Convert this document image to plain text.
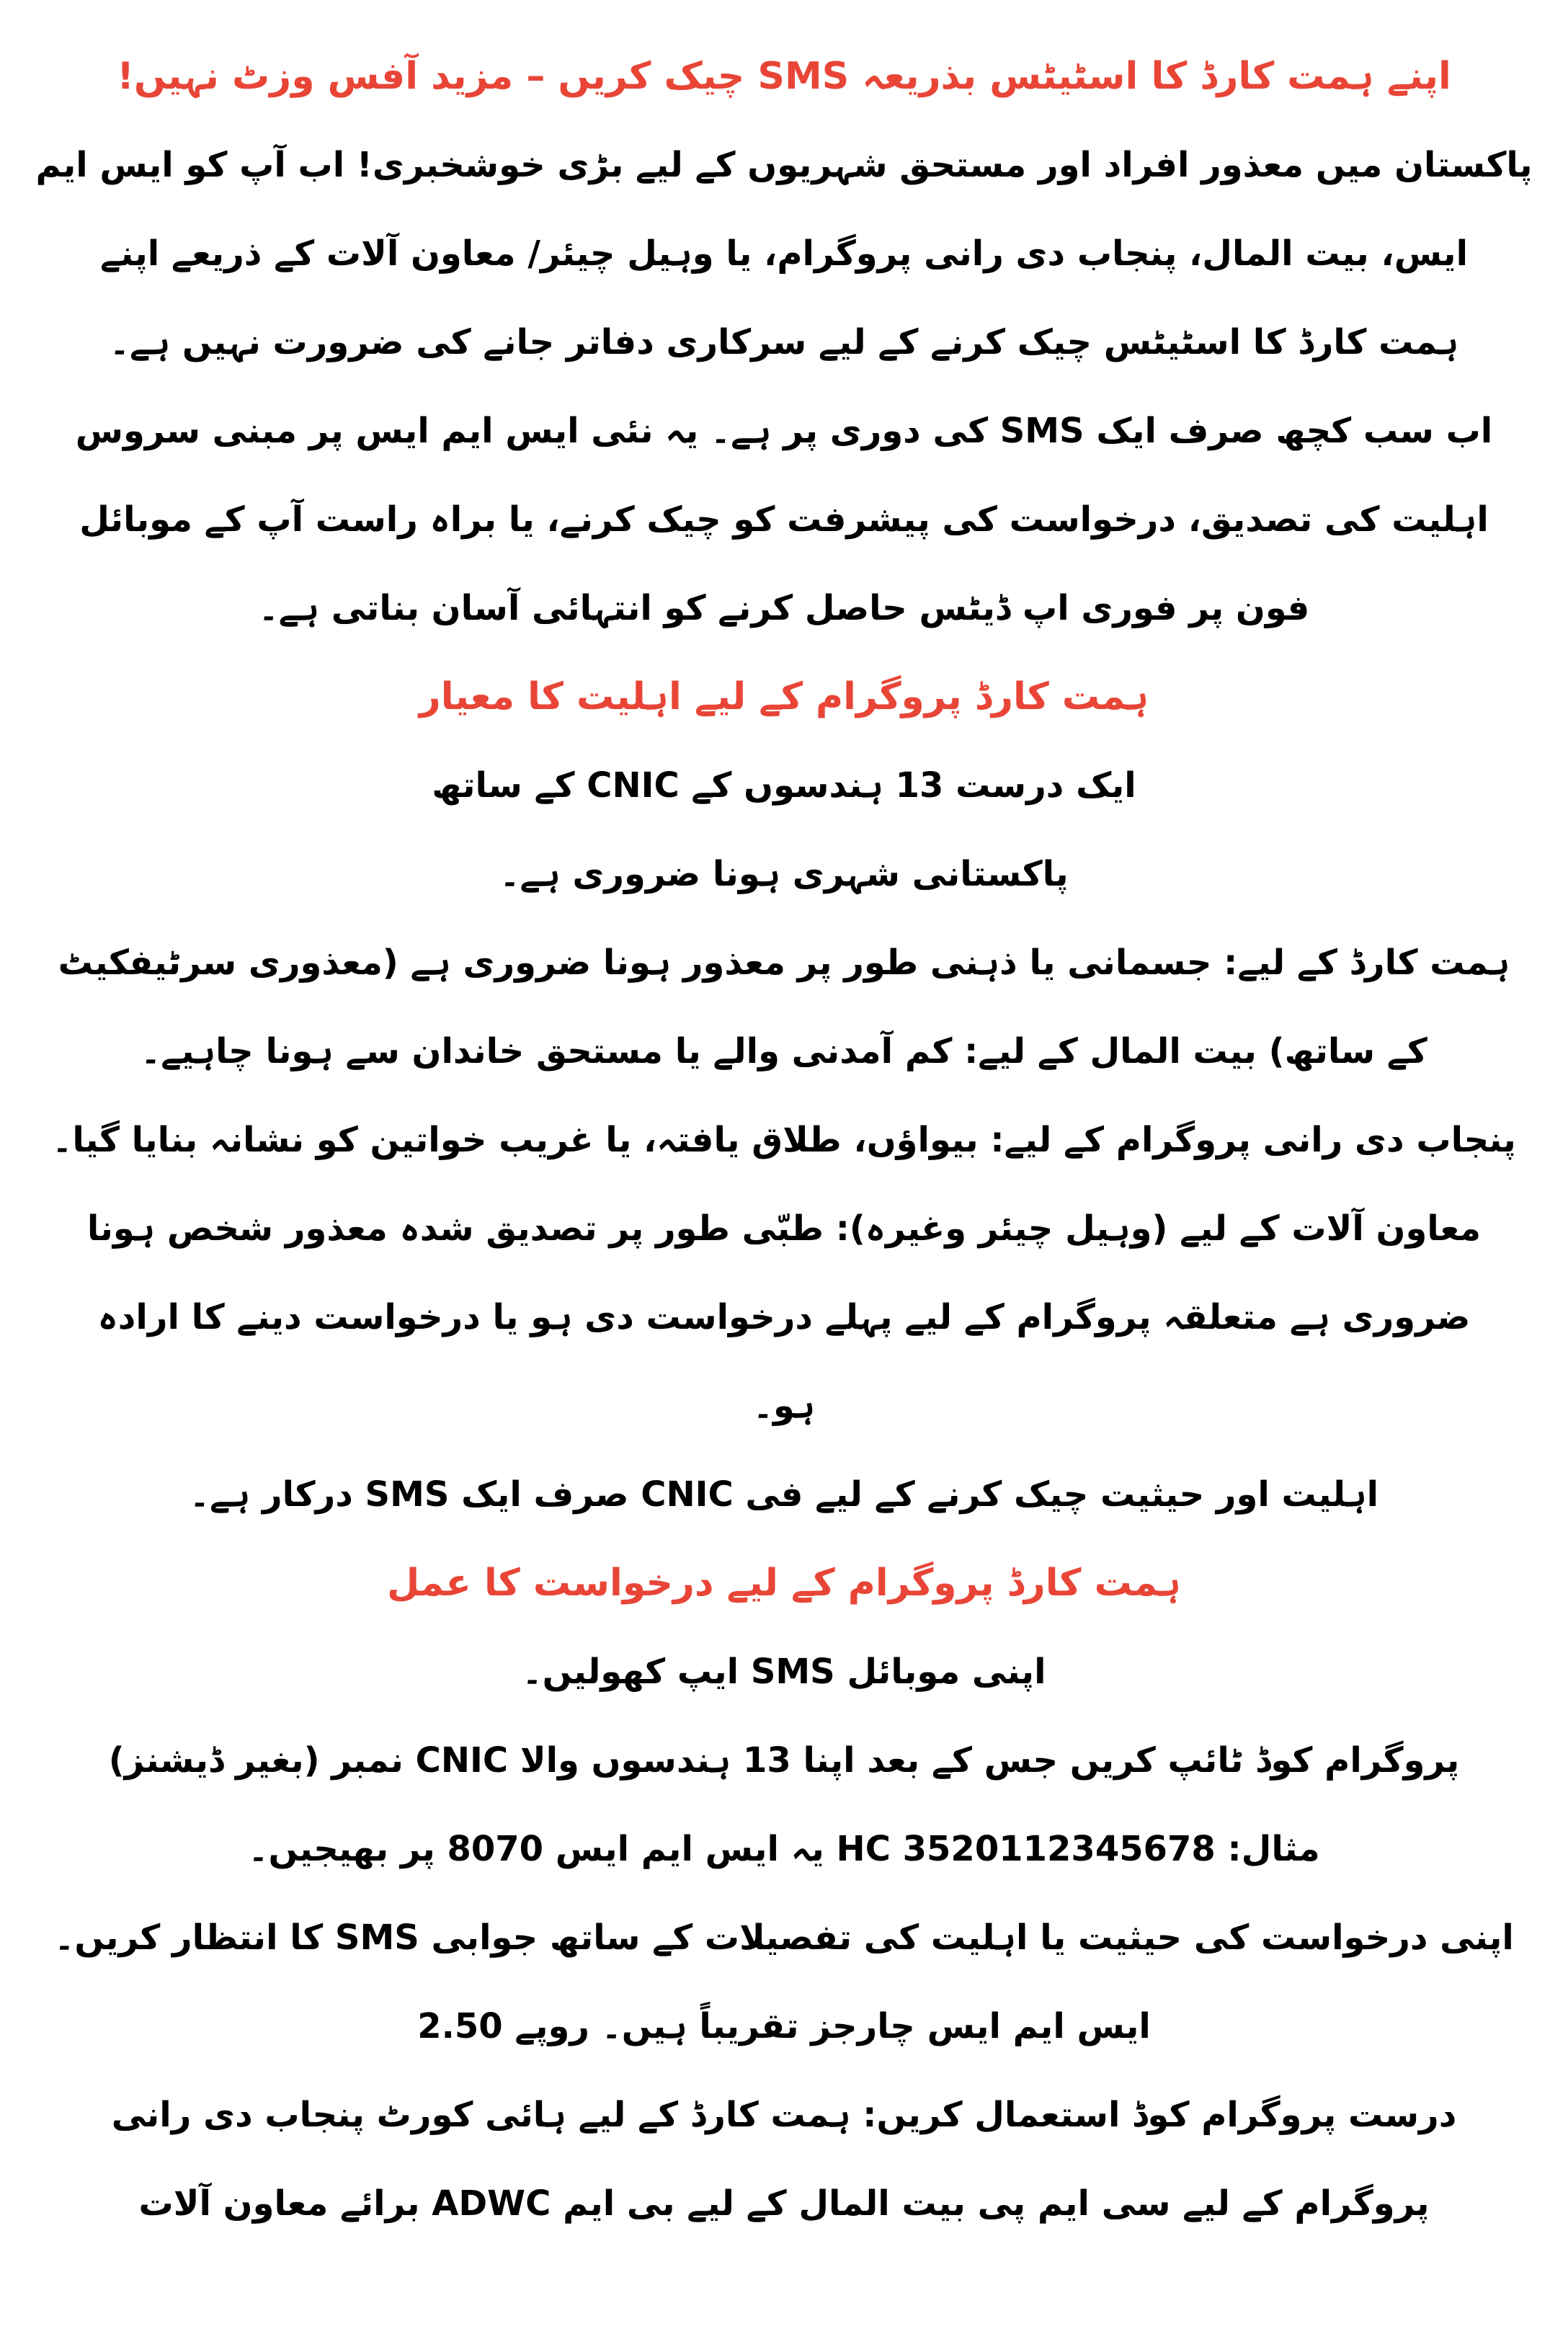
اپنے ہمت کارڈ کا اسٹیٹس بذریعہ SMS چیک کریں – مزید آفس وزٹ نہیں!
پاکستان میں معذور افراد اور مستحق شہریوں کے لیے بڑی خوشخبری! اب آپ کو ایس ایم
ایس، بیت المال، پنجاب دی رانی پروگرام، یا وہیل چیئر/ معاون آلات کے ذریعے اپنے
ہمت کارڈ کا اسٹیٹس چیک کرنے کے لیے سرکاری دفاتر جانے کی ضرورت نہیں ہے۔
اب سب کچھ صرف ایک SMS کی دوری پر ہے۔ یہ نئی ایس ایم ایس پر مبنی سروس
اہلیت کی تصدیق، درخواست کی پیشرفت کو چیک کرنے، یا براہ راست آپ کے موبائل
فون پر فوری اپ ڈیٹس حاصل کرنے کو انتہائی آسان بناتی ہے۔
ہمت کارڈ پروگرام کے لیے اہلیت کا معیار
ایک درست 13 ہندسوں کے CNIC کے ساتھ
پاکستانی شہری ہونا ضروری ہے۔
ہمت کارڈ کے لیے: جسمانی یا ذہنی طور پر معذور ہونا ضروری ہے (معذوری سرٹیفکیٹ
کے ساتھ) بیت المال کے لیے: کم آمدنی والے یا مستحق خاندان سے ہونا چاہیے۔
پنجاب دی رانی پروگرام کے لیے: بیواؤں، طلاق یافتہ، یا غریب خواتین کو نشانہ بنایا گیا۔
معاون آلات کے لیے (وہیل چیئر وغیرہ): طبّی طور پر تصدیق شدہ معذور شخص ہونا
ضروری ہے متعلقہ پروگرام کے لیے پہلے درخواست دی ہو یا درخواست دینے کا ارادہ
ہو۔
اہلیت اور حیثیت چیک کرنے کے لیے فی CNIC صرف ایک SMS درکار ہے۔
ہمت کارڈ پروگرام کے لیے درخواست کا عمل
اپنی موبائل SMS ایپ کھولیں۔
پروگرام کوڈ ٹائپ کریں جس کے بعد اپنا 13 ہندسوں والا CNIC نمبر (بغیر ڈیشنز)
مثال: HC 3520112345678 یہ ایس ایم ایس 8070 پر بھیجیں۔
اپنی درخواست کی حیثیت یا اہلیت کی تفصیلات کے ساتھ جوابی SMS کا انتظار کریں۔
ایس ایم ایس چارجز تقریباً ہیں۔ روپے 2.50
درست پروگرام کوڈ استعمال کریں: ہمت کارڈ کے لیے ہائی کورٹ پنجاب دی رانی
پروگرام کے لیے سی ایم پی بیت المال کے لیے بی ایم ADWC برائے معاون آلات
